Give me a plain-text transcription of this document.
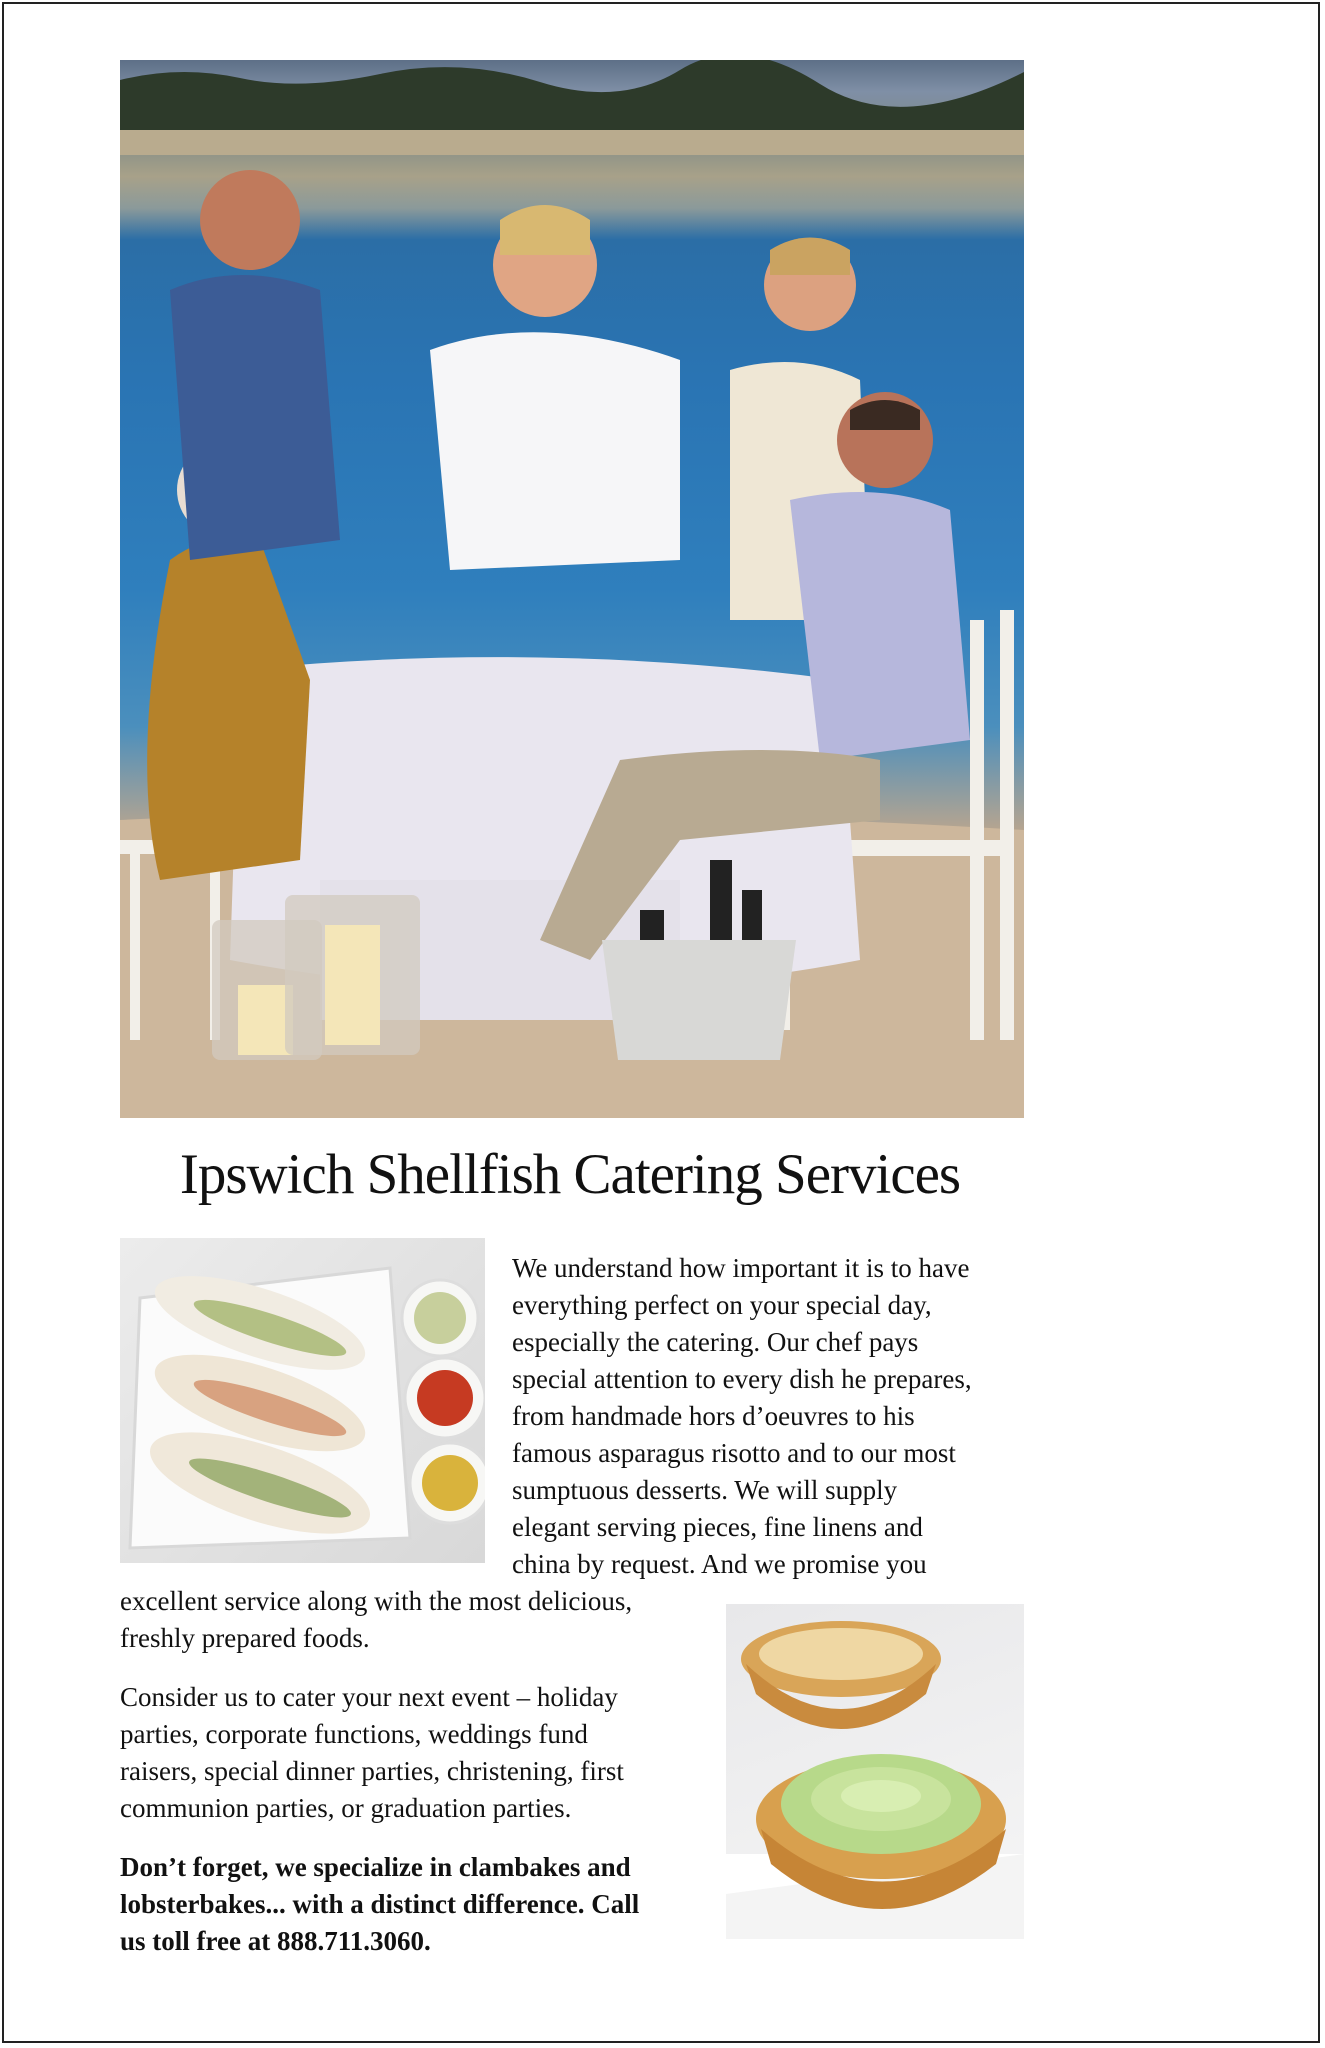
Ipswich Shellfish Catering Services

We understand how important it is to have
everything perfect on your special day,
especially the catering. Our chef pays
special attention to every dish he prepares,
from handmade hors d’oeuvres to his
famous asparagus risotto and to our most
sumptuous desserts. We will supply
elegant serving pieces, fine linens and
china by request. And we promise you

excellent service along with the most delicious,
freshly prepared foods.

Consider us to cater your next event – holiday
parties, corporate functions, weddings fund
raisers, special dinner parties, christening, first
communion parties, or graduation parties.

Don’t forget, we specialize in clambakes and
lobsterbakes... with a distinct difference. Call
us toll free at 888.711.3060.
